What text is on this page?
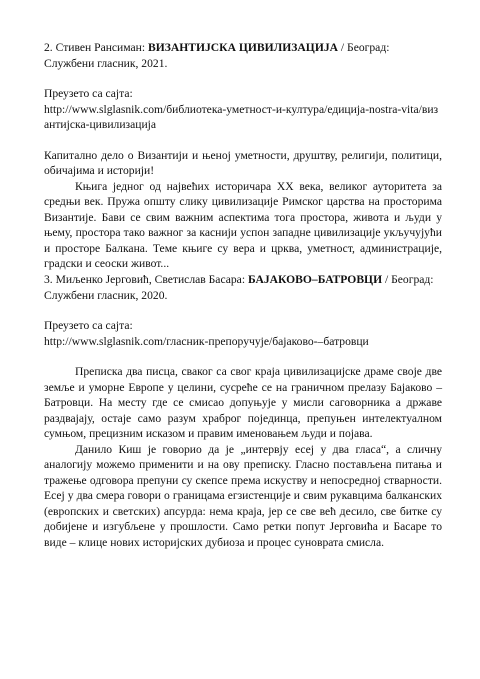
2. Стивен Рансиман: ВИЗАНТИЈСКА ЦИВИЛИЗАЦИЈА / Београд: Службени гласник, 2021.

Преузето са сајта:

http://www.slglasnik.com/библиотека-уметност-и-култура/едиција-nostra-vita/византијска-цивилизација

Капитално дело о Византији и њеној уметности, друштву, религији, политици, обичајима и историји!

Књига једног од највећих историчара XX века, великог ауторитета за средњи век. Пружа општу слику цивилизације Римског царства на просторима Византије. Бави се свим важним аспектима тога простора, живота и људи у њему, простора тако важног за каснији успон западне цивилизације укључујући и просторе Балкана. Теме књиге су вера и црква, уметност, администрације, градски и сеоски живот...

3. Миљенко Јерговић, Светислав Басара: БАЈАКОВО–БАТРОВЦИ / Београд: Службени гласник, 2020.

Преузето са сајта:

http://www.slglasnik.com/гласник-препоручује/бајаково-–батровци

Преписка два писца, сваког са свог краја цивилизацијске драме своје две земље и уморне Европе у целини, сусреће се на граничном прелазу Бајаково – Батровци. На месту где се смисао допуњује у мисли саговорника а државе раздвајају, остаје само разум храброг појединца, препуњен интелектуалном сумњом, прецизним исказом и правим именовањем људи и појава.

Данило Киш је говорио да је „интервју есеј у два гласа“, а сличну аналогију можемо применити и на ову преписку. Гласно постављена питања и тражење одговора препуни су скепсе према искуству и непосредној стварности. Есеј у два смера говори о границама егзистенције и свим рукавцима балканских (европских и светских) апсурда: нема краја, јер се све већ десило, све битке су добијене и изгубљене у прошлости. Само ретки попут Јерговића и Басаре то виде – клице нових историјских дубиоза и процес суноврата смисла.
